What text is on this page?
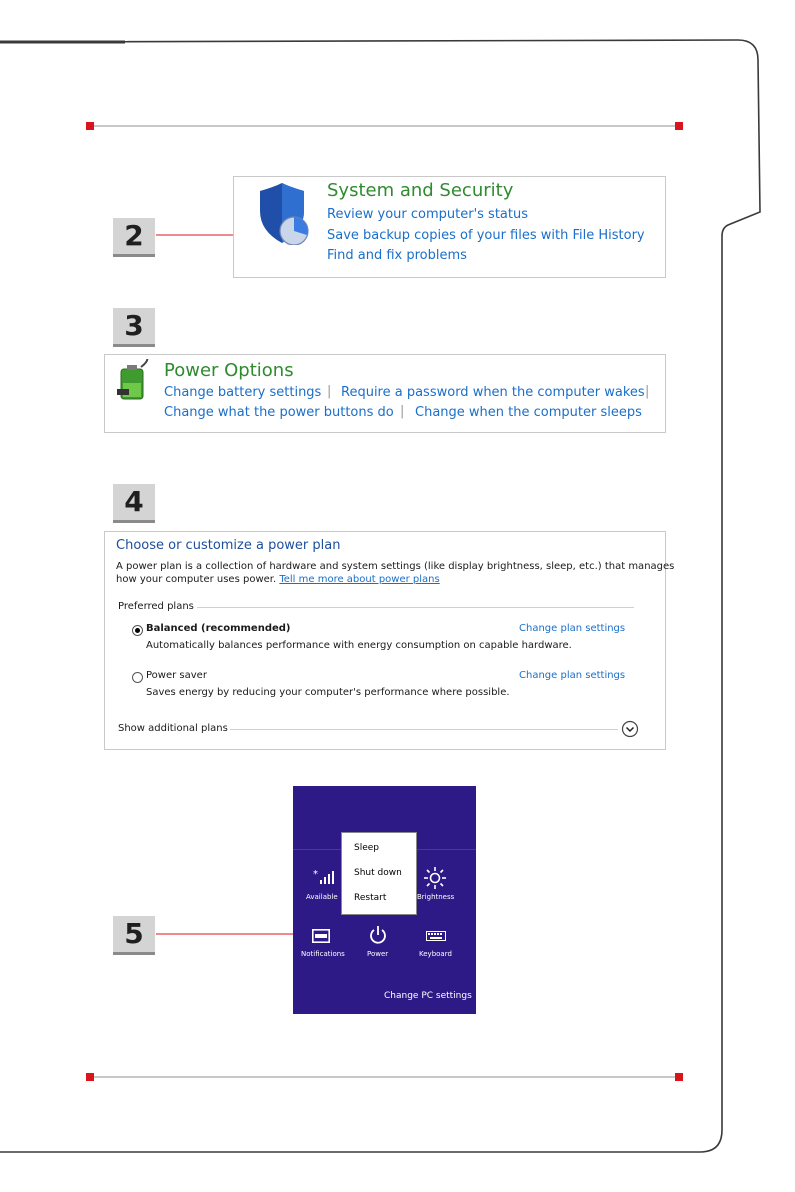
2
3
4
5
System and Security
Review your computer's status
Save backup copies of your files with File History
Find and fix problems
Power Options
Change battery settings | Require a password when the computer wakes |
Change what the power buttons do | Change when the computer sleeps
Choose or customize a power plan
A power plan is a collection of hardware and system settings (like display brightness, sleep, etc.) that manages
how your computer uses power. Tell me more about power plans
Preferred plans
Balanced (recommended)
Automatically balances performance with energy consumption on capable hardware.
Change plan settings
Power saver
Saves energy by reducing your computer's performance where possible.
Change plan settings
Show additional plans
*
Available	Brightness
Notifications	Power	Keyboard
Change PC settings
Sleep
Shut down
Restart
